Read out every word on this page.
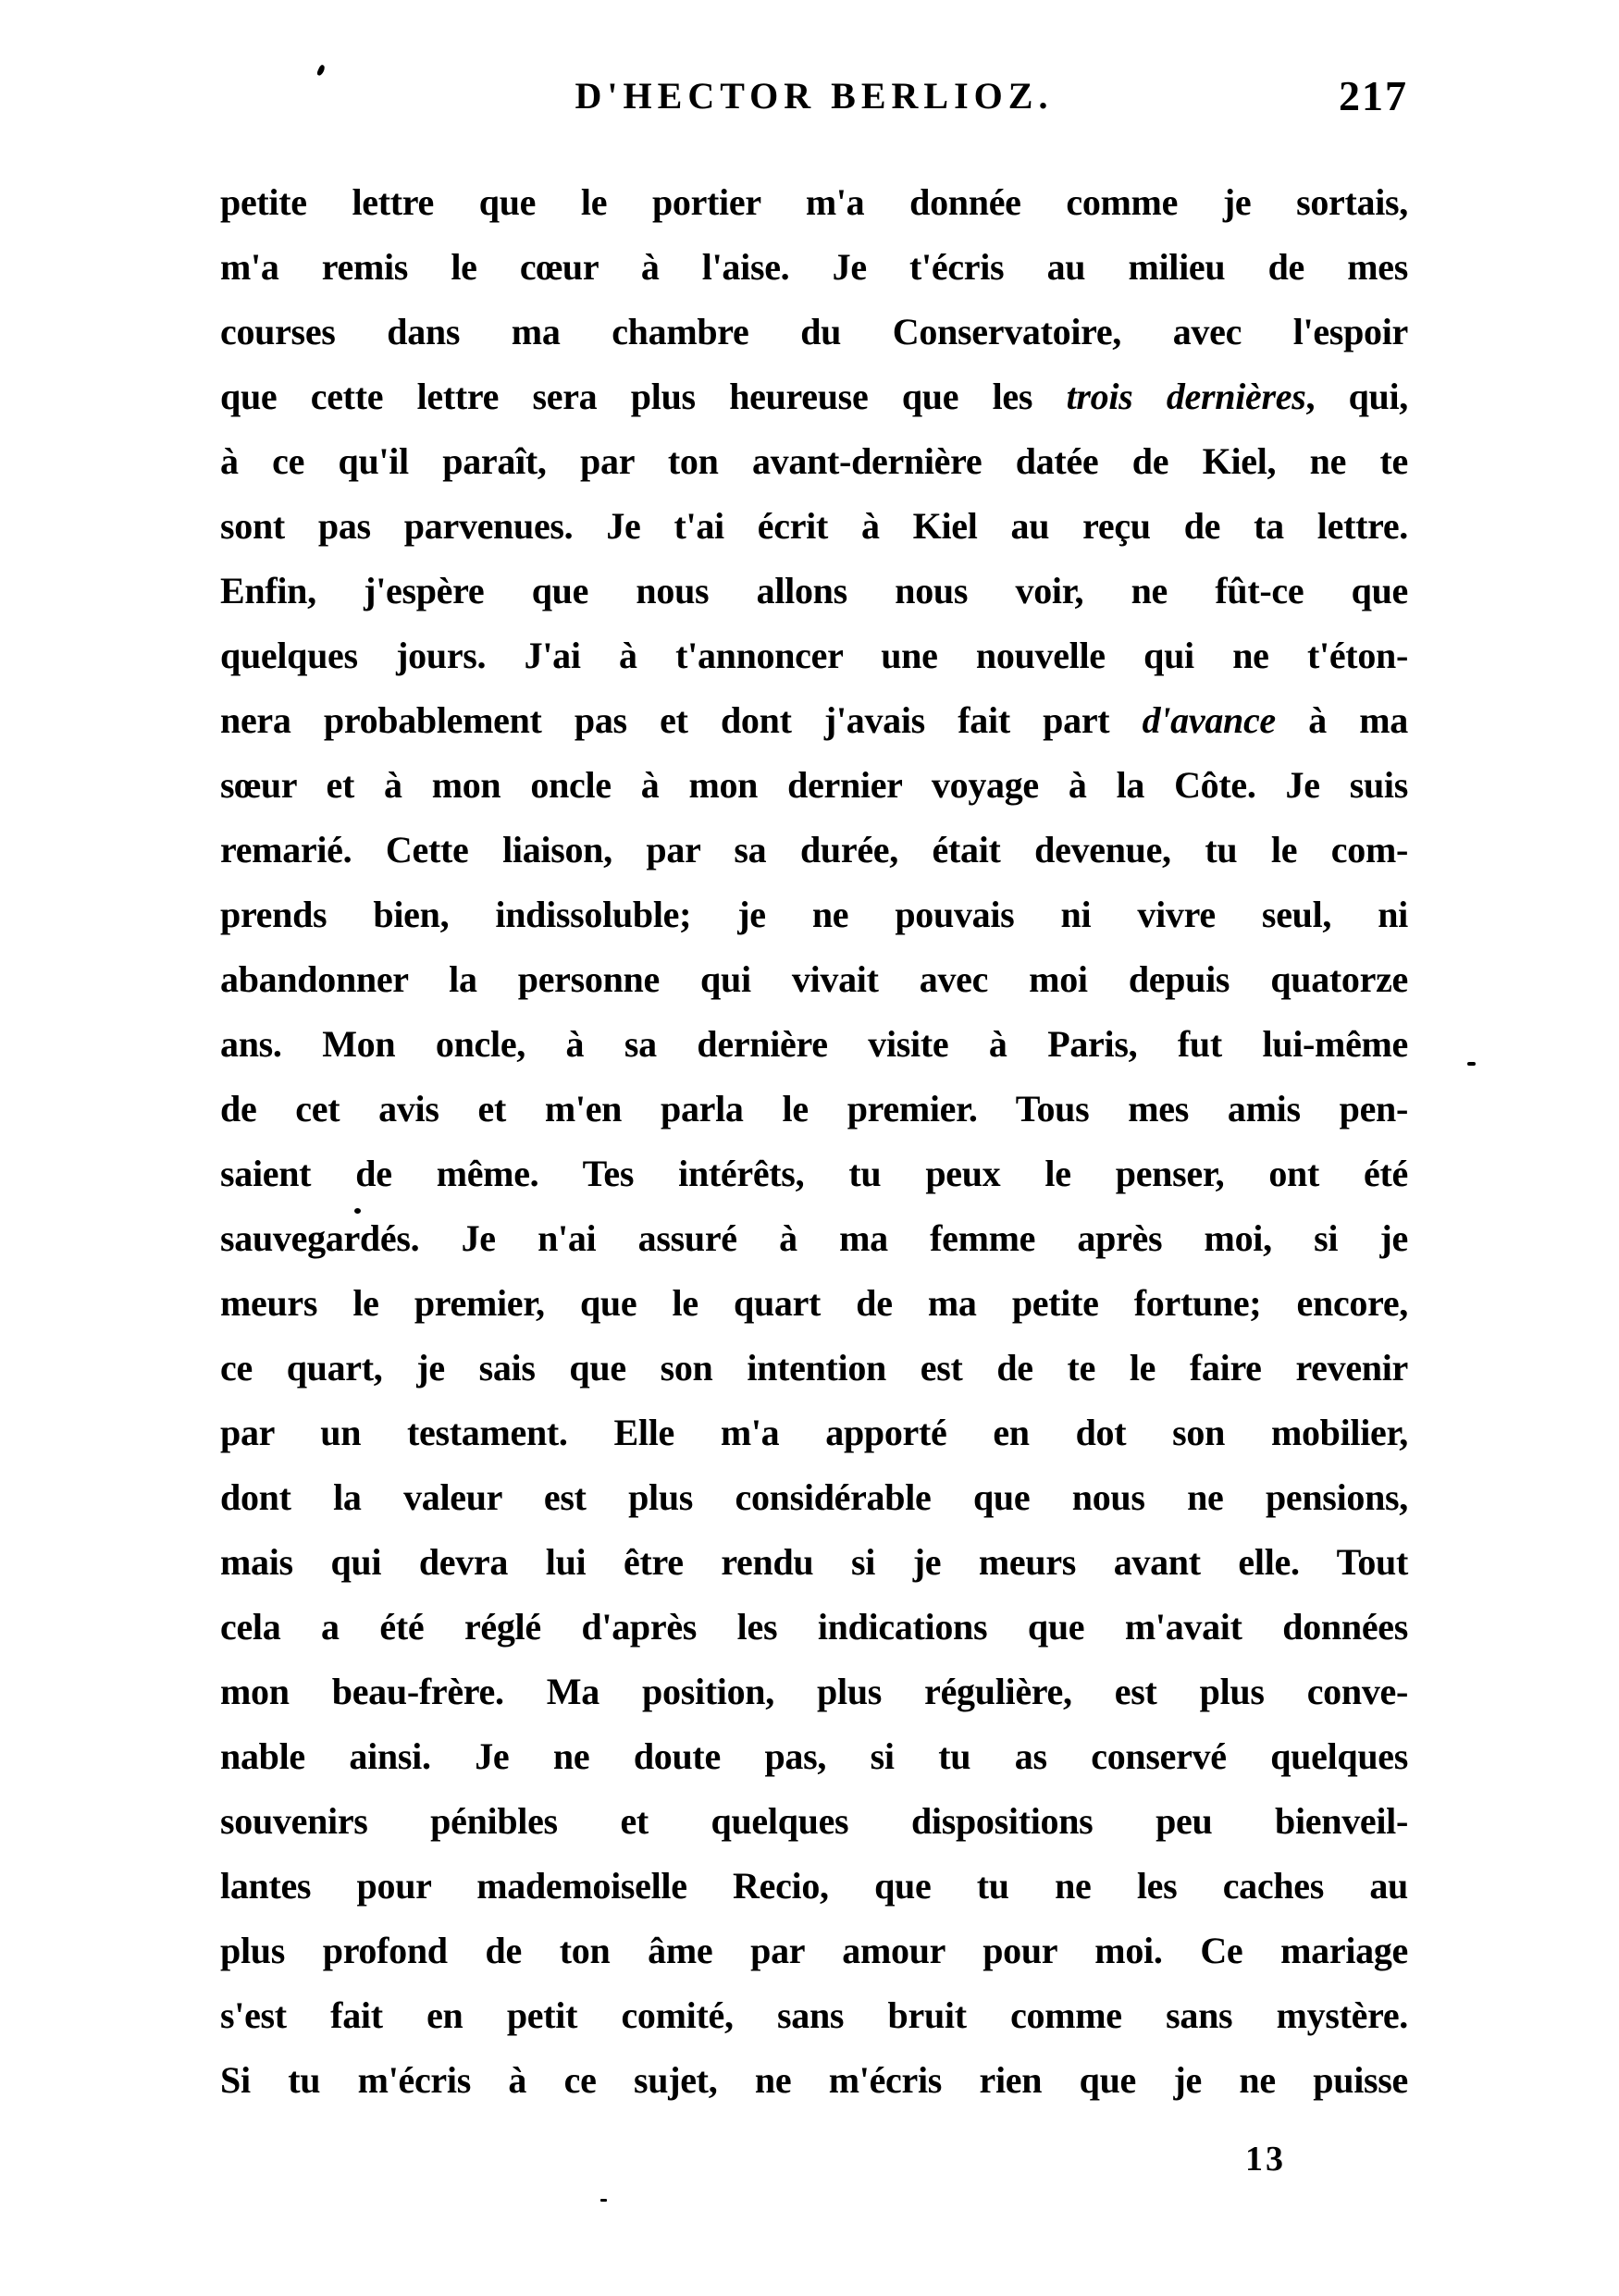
D'HECTOR BERLIOZ.	217
petite lettre que le portier m'a donnée comme je sortais,
m'a remis le cœur à l'aise. Je t'écris au milieu de mes
courses dans ma chambre du Conservatoire, avec l'espoir
que cette lettre sera plus heureuse que les trois dernières, qui,
à ce qu'il paraît, par ton avant-dernière datée de Kiel, ne te
sont pas parvenues. Je t'ai écrit à Kiel au reçu de ta lettre.
Enfin, j'espère que nous allons nous voir, ne fût-ce que
quelques jours. J'ai à t'annoncer une nouvelle qui ne t'éton-
nera probablement pas et dont j'avais fait part d'avance à ma
sœur et à mon oncle à mon dernier voyage à la Côte. Je suis
remarié. Cette liaison, par sa durée, était devenue, tu le com-
prends bien, indissoluble; je ne pouvais ni vivre seul, ni
abandonner la personne qui vivait avec moi depuis quatorze
ans. Mon oncle, à sa dernière visite à Paris, fut lui-même
de cet avis et m'en parla le premier. Tous mes amis pen-
saient de même. Tes intérêts, tu peux le penser, ont été
sauvegardés. Je n'ai assuré à ma femme après moi, si je
meurs le premier, que le quart de ma petite fortune; encore,
ce quart, je sais que son intention est de te le faire revenir
par un testament. Elle m'a apporté en dot son mobilier,
dont la valeur est plus considérable que nous ne pensions,
mais qui devra lui être rendu si je meurs avant elle. Tout
cela a été réglé d'après les indications que m'avait données
mon beau-frère. Ma position, plus régulière, est plus conve-
nable ainsi. Je ne doute pas, si tu as conservé quelques
souvenirs pénibles et quelques dispositions peu bienveil-
lantes pour mademoiselle Recio, que tu ne les caches au
plus profond de ton âme par amour pour moi. Ce mariage
s'est fait en petit comité, sans bruit comme sans mystère.
Si tu m'écris à ce sujet, ne m'écris rien que je ne puisse
13
